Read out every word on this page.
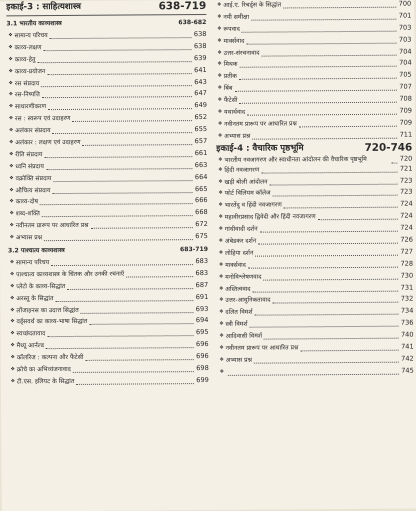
इकाई-3 : साहित्यशास्त्र	638-719
3.1 भारतीय काव्यशास्त्र	638-682
❖ सामान्य परिचय	638
❖ काव्य-लक्षण	638
❖ काव्य-हेतु	639
❖ काव्य-प्रयोजन	641
❖ रस संप्रदाय	643
❖ रस-निष्पत्ति	647
❖ साधारणीकरण	649
❖ रस : स्वरूप एवं उदाहरण	652
❖ अलंकार संप्रदाय	655
❖ अलंकार : लक्षण एवं उदाहरण	657
❖ रीति संप्रदाय	661
❖ ध्वनि संप्रदाय	663
❖ वक्रोक्ति संप्रदाय	664
❖ औचित्य संप्रदाय	665
❖ काव्य-दोष	666
❖ शब्द-शक्ति	668
❖ नवीनतम प्रारूप पर आधारित प्रश्न	672
❖ अभ्यास प्रश्न	675
3.2 पाश्चात्य काव्यशास्त्र	683-719
❖ सामान्य परिचय	683
❖ पाश्चात्य काव्यशास्त्र के चिंतक और उनकी रचनाएँ	683
❖ प्लेटो के काव्य-सिद्धांत	687
❖ अरस्तू के सिद्धांत	691
❖ लोंजाइनस का उदात्त सिद्धांत	693
❖ वर्ड्सवर्थ का काव्य-भाषा सिद्धांत	694
❖ स्वच्छंदतावाद	695
❖ मैथ्यू आर्नल्ड	696
❖ कॉलरिज : कल्पना और फैंटेसी	696
❖ क्रोचे का अभिव्यंजनावाद	698
❖ टी.एस. इलियट के सिद्धांत	699
❖ आई.ए. रिचर्ड्स के सिद्धांत	700
❖ नयी समीक्षा	701
❖ रूपवाद	703
❖ मार्क्सवाद	703
❖ उत्तर-संरचनावाद	704
❖ मिथक	704
❖ प्रतीक	705
❖ बिंब	707
❖ फैंटेसी	708
❖ यथार्थवाद	709
❖ नवीनतम प्रारूप पर आधारित प्रश्न	709
❖ अभ्यास प्रश्न	711
इकाई-4 : वैचारिक पृष्ठभूमि	720-746
❖ भारतीय नवजागरण और स्वाधीनता आंदोलन की वैचारिक पृष्ठभूमि	720
❖ हिंदी नवजागरण	721
❖ खड़ी बोली आंदोलन	723
❖ फोर्ट विलियम कॉलेज	723
❖ भारतेंदु व हिंदी नवजागरण	724
❖ महावीरप्रसाद द्विवेदी और हिंदी नवजागरण	724
❖ गांधीवादी दर्शन	724
❖ अंबेडकर दर्शन	726
❖ लोहिया दर्शन	727
❖ मार्क्सवाद	728
❖ मनोविश्लेषणवाद	730
❖ अस्तित्ववाद	731
❖ उत्तर-आधुनिकतावाद	732
❖ दलित विमर्श	734
❖ स्त्री विमर्श	736
❖ आदिवासी विमर्श	740
❖ नवीनतम प्रारूप पर आधारित प्रश्न	741
❖ अभ्यास प्रश्न	742
❖	745
